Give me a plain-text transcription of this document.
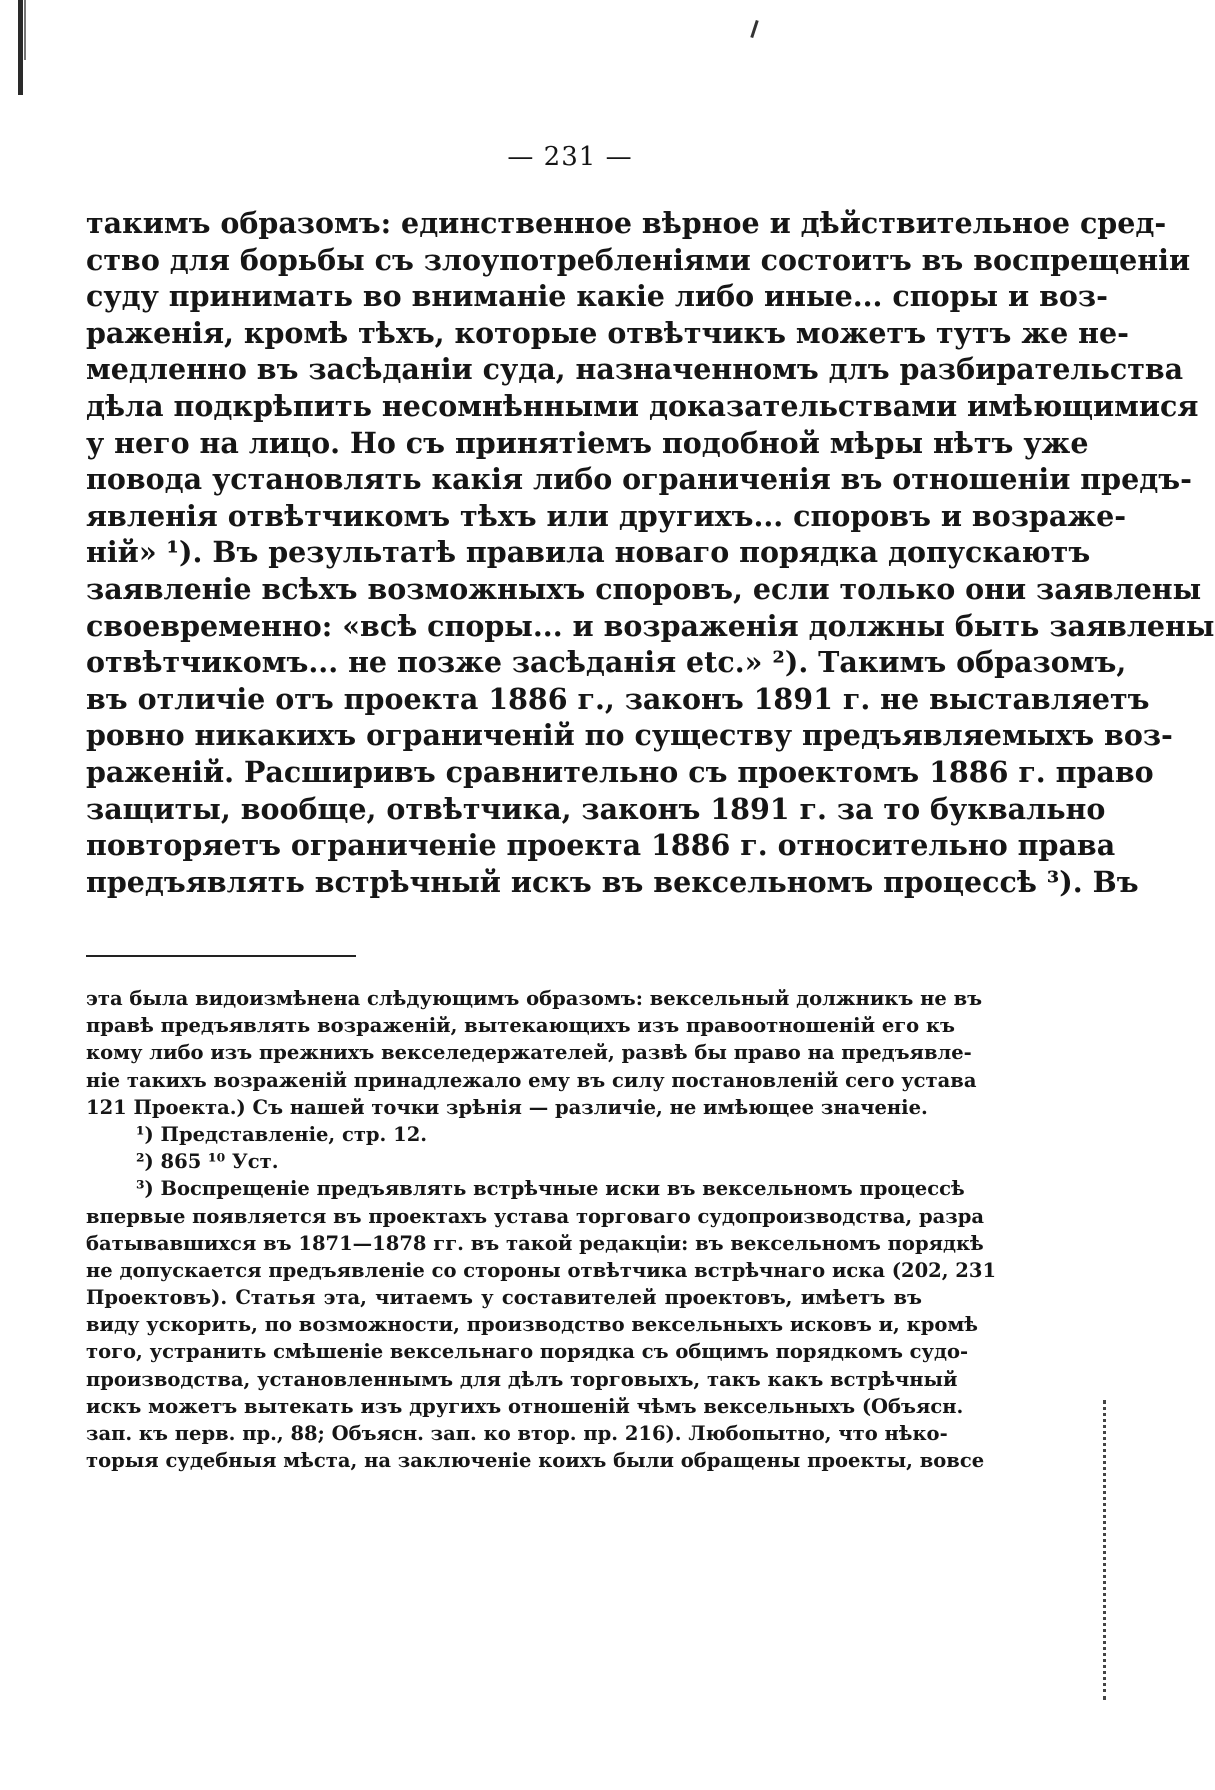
— 231 —
такимъ образомъ: единственное вѣрное и дѣйствительное сред-
ство для борьбы съ злоупотребленiями состоитъ въ воспрещенiи
суду принимать во вниманiе какiе либо иные... споры и воз-
раженiя, кромѣ тѣхъ, которые отвѣтчикъ можетъ тутъ же не-
медленно въ засѣданiи суда, назначенномъ длъ разбирательства
дѣла подкрѣпить несомнѣнными доказательствами имѣющимися
у него на лицо. Но съ принятiемъ подобной мѣры нѣтъ уже
повода установлять какiя либо ограниченiя въ отношенiи предъ-
явленiя отвѣтчикомъ тѣхъ или другихъ... споровъ и возраже-
нiй» ¹). Въ результатѣ правила новаго порядка допускаютъ
заявленiе всѣхъ возможныхъ споровъ, если только они заявлены
своевременно: «всѣ споры... и возраженiя должны быть заявлены
отвѣтчикомъ... не позже засѣданiя etc.» ²). Такимъ образомъ,
въ отличiе отъ проекта 1886 г., законъ 1891 г. не выставляетъ
ровно никакихъ ограниченiй по существу предъявляемыхъ воз-
раженiй. Расширивъ сравнительно съ проектомъ 1886 г. право
защиты, вообще, отвѣтчика, законъ 1891 г. за то буквально
повторяетъ ограниченiе проекта 1886 г. относительно права
предъявлять встрѣчный искъ въ вексельномъ процессѣ ³). Въ
эта была видоизмѣнена слѣдующимъ образомъ: вексельный должникъ не въ
правѣ предъявлять возраженiй, вытекающихъ изъ правоотношенiй его къ
кому либо изъ прежнихъ векселедержателей, развѣ бы право на предъявле-
нiе такихъ возраженiй принадлежало ему въ силу постановленiй сего устава
121 Проекта.) Съ нашей точки зрѣнiя — различiе, не имѣющее значенiе.
¹) Представленiе, стр. 12.
²) 865 ¹⁰ Уст.
³) Воспрещенiе предъявлять встрѣчные иски въ вексельномъ процессѣ
впервые появляется въ проектахъ устава торговаго судопроизводства, разра
батывавшихся въ 1871—1878 гг. въ такой редакцiи: въ вексельномъ порядкѣ
не допускается предъявленiе со стороны отвѣтчика встрѣчнаго иска (202, 231
Проектовъ). Статья эта, читаемъ у составителей проектовъ, имѣетъ въ
виду ускорить, по возможности, производство вексельныхъ исковъ и, кромѣ
того, устранить смѣшенiе вексельнаго порядка съ общимъ порядкомъ судо-
производства, установленнымъ для дѣлъ торговыхъ, такъ какъ встрѣчный
искъ можетъ вытекать изъ другихъ отношенiй чѣмъ вексельныхъ (Объясн.
зап. къ перв. пр., 88; Объясн. зап. ко втор. пр. 216). Любопытно, что нѣко-
торыя судебныя мѣста, на заключенiе коихъ были обращены проекты, вовсе
